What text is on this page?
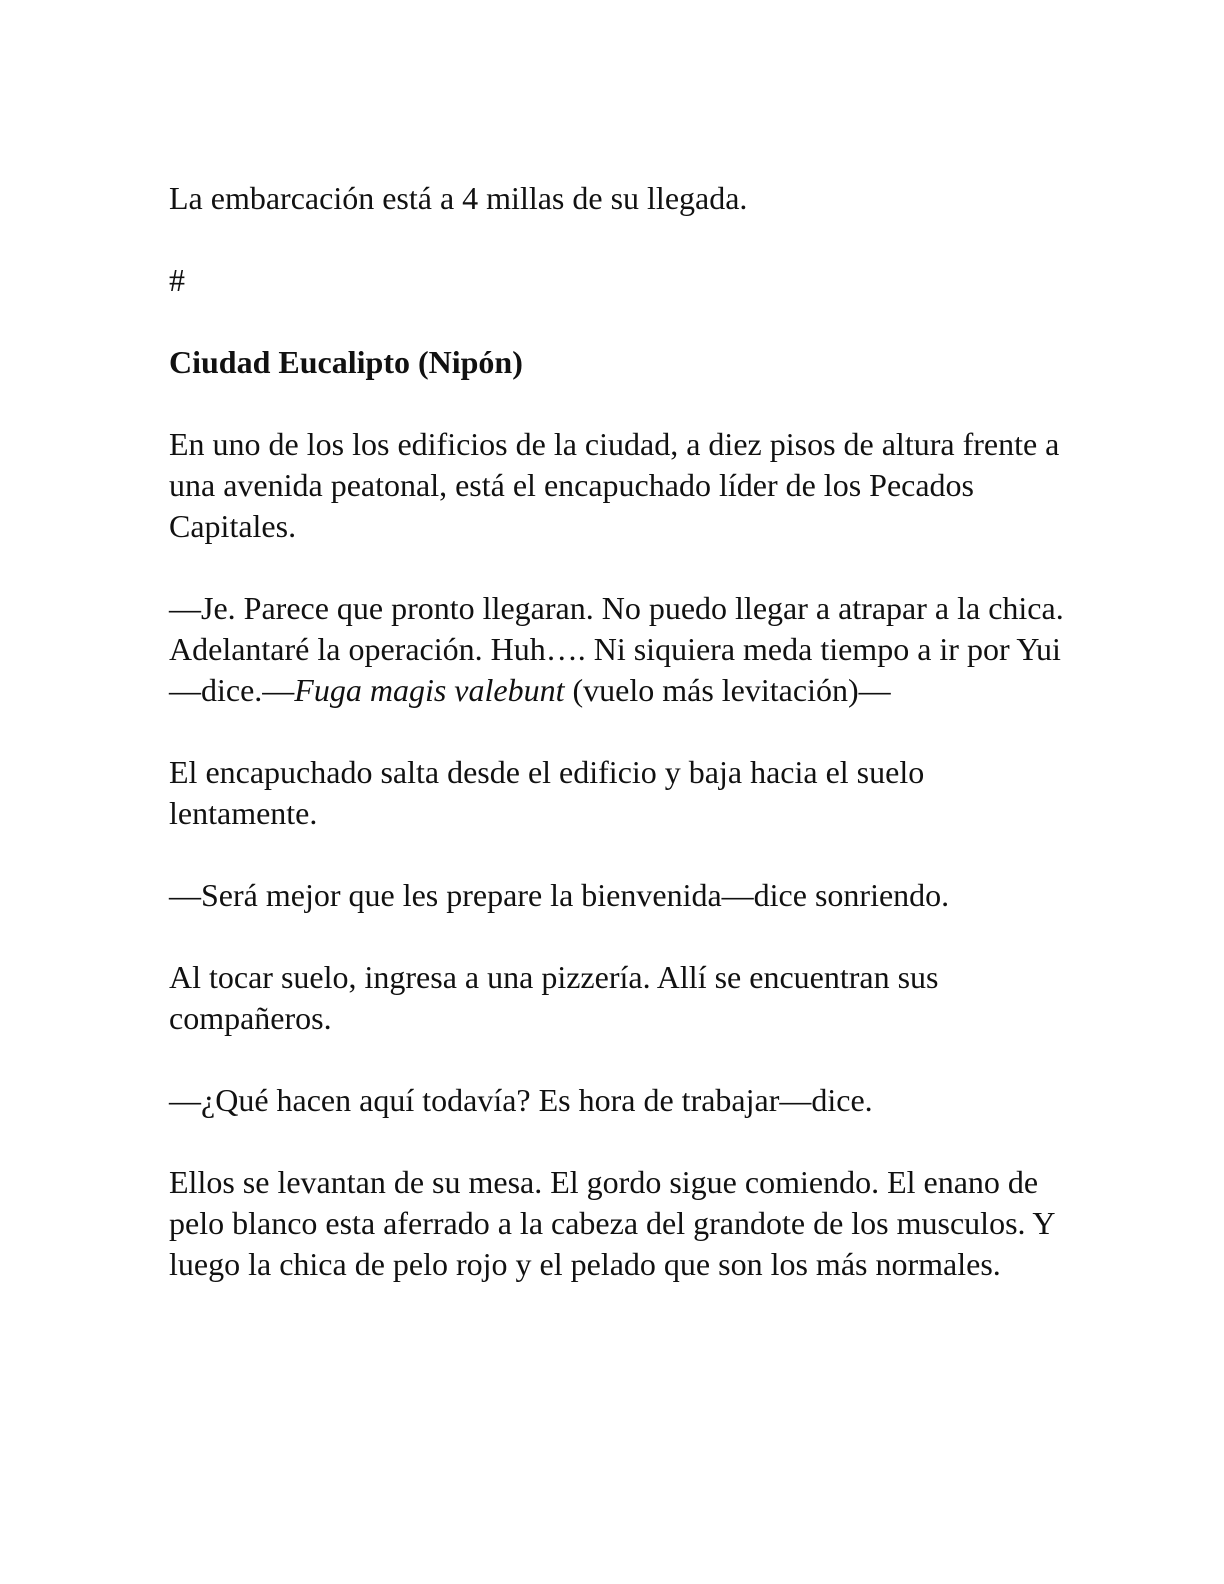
La embarcación está a 4 millas de su llegada.

#

Ciudad Eucalipto (Nipón)

En uno de los los edificios de la ciudad, a diez pisos de altura frente a una avenida peatonal, está el encapuchado líder de los Pecados Capitales.

—Je. Parece que pronto llegaran. No puedo llegar a atrapar a la chica. Adelantaré la operación. Huh…. Ni siquiera meda tiempo a ir por Yui—dice.—Fuga magis valebunt (vuelo más levitación)—

El encapuchado salta desde el edificio y baja hacia el suelo lentamente.

—Será mejor que les prepare la bienvenida—dice sonriendo.

Al tocar suelo, ingresa a una pizzería. Allí se encuentran sus compañeros.

—¿Qué hacen aquí todavía? Es hora de trabajar—dice.

Ellos se levantan de su mesa. El gordo sigue comiendo. El enano de pelo blanco esta aferrado a la cabeza del grandote de los musculos. Y luego la chica de pelo rojo y el pelado que son los más normales.
